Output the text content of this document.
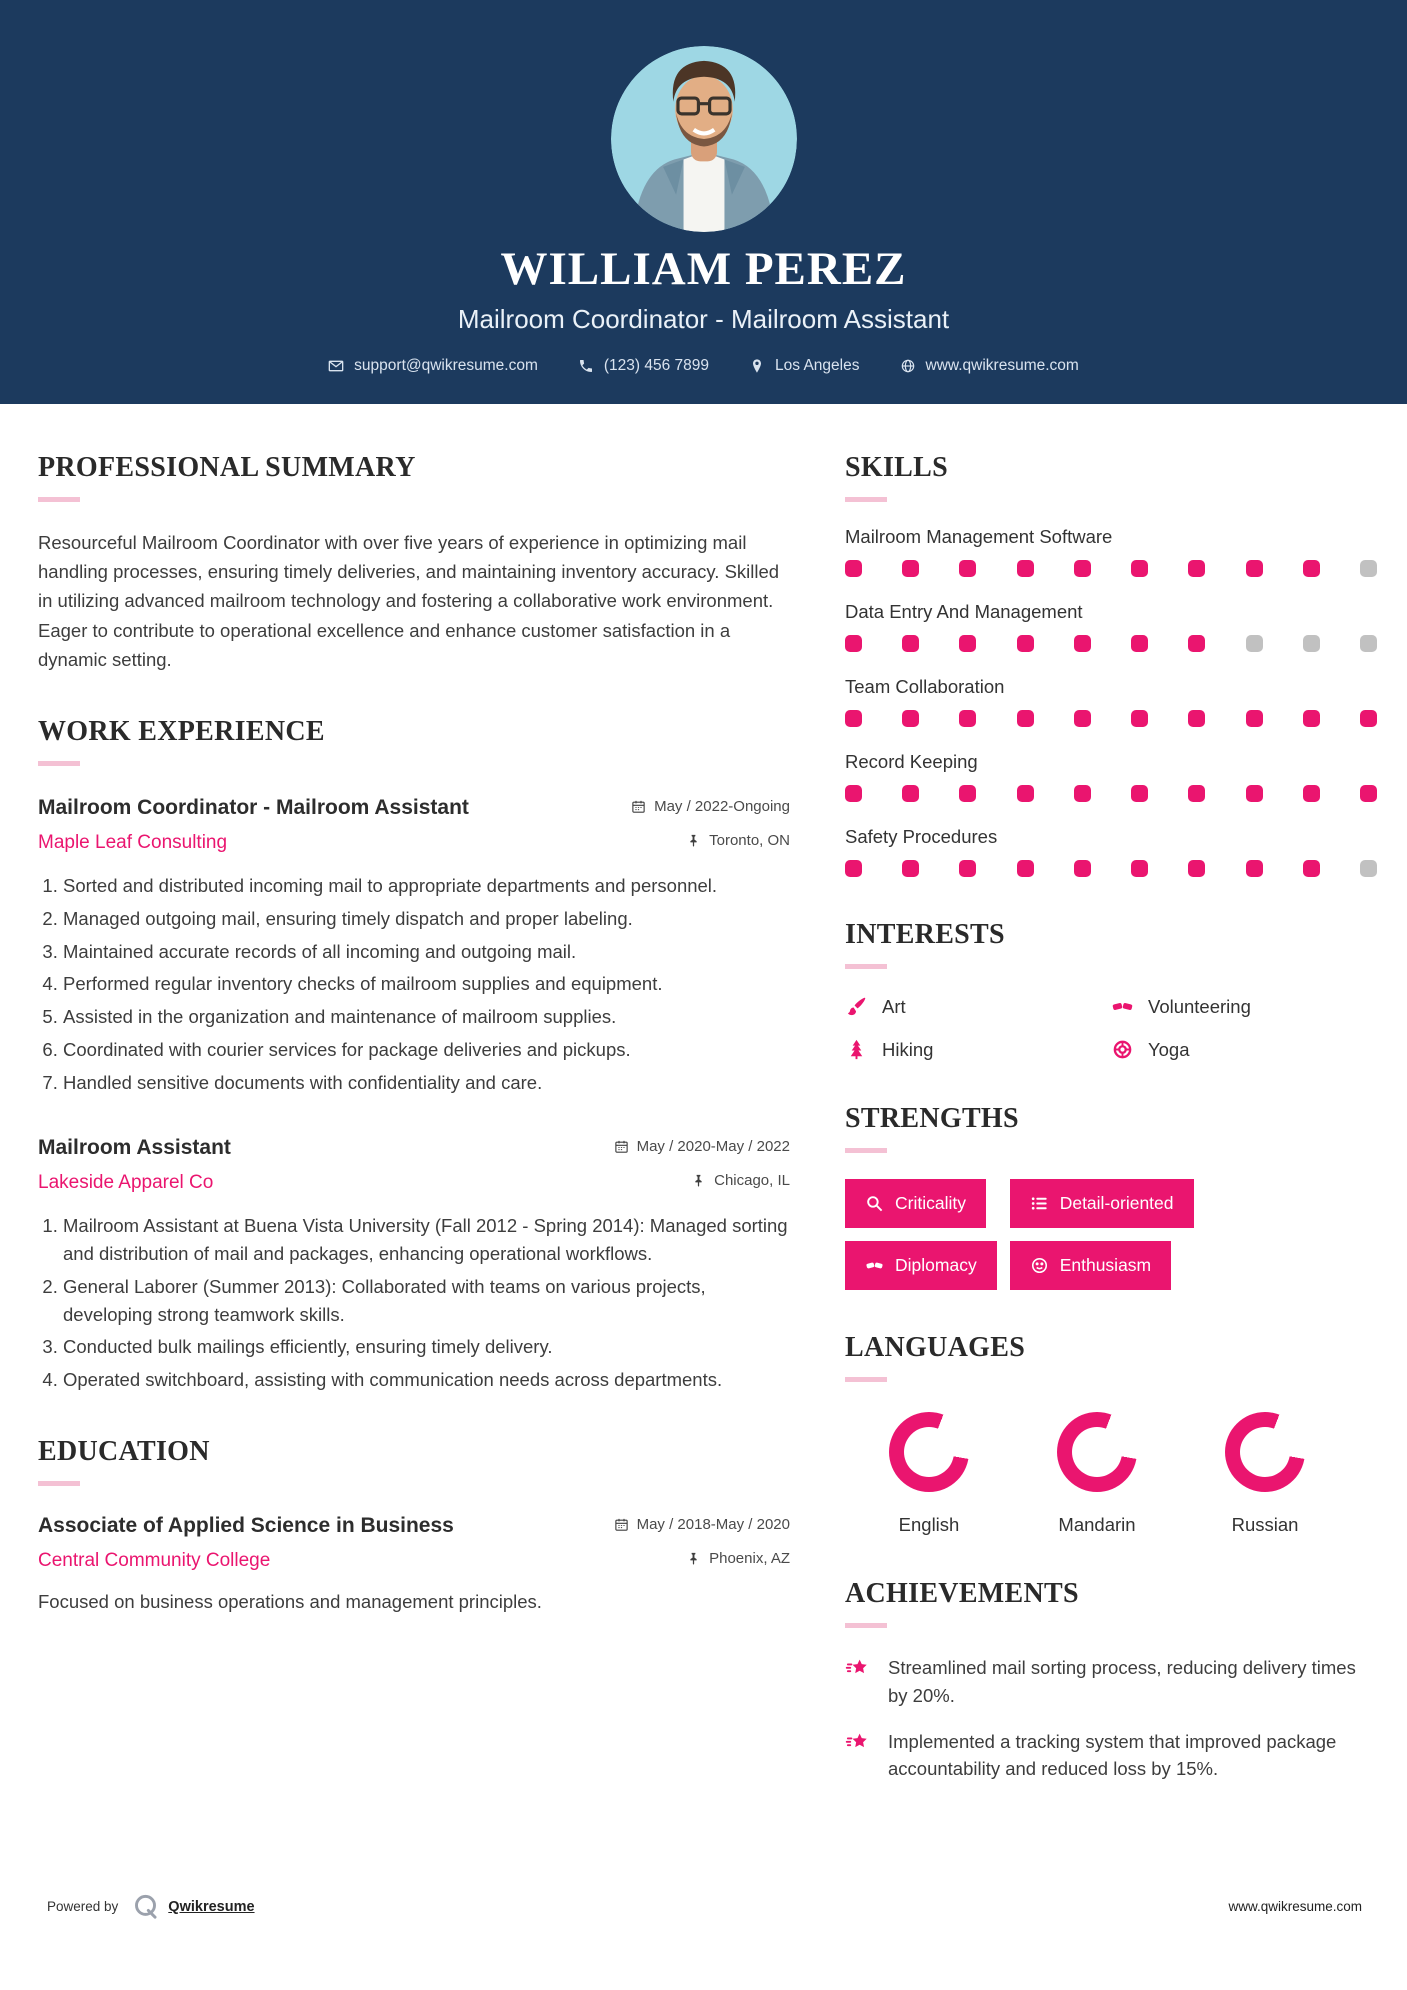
WILLIAM PEREZ
Mailroom Coordinator - Mailroom Assistant
support@qwikresume.com	(123) 456 7899	Los Angeles	www.qwikresume.com
PROFESSIONAL SUMMARY

Resourceful Mailroom Coordinator with over five years of experience in optimizing mail handling processes, ensuring timely deliveries, and maintaining inventory accuracy. Skilled in utilizing advanced mailroom technology and fostering a collaborative work environment. Eager to contribute to operational excellence and enhance customer satisfaction in a dynamic setting.

WORK EXPERIENCE
Mailroom Coordinator - Mailroom Assistant	May / 2022-Ongoing
Maple Leaf Consulting	Toronto, ON
1. Sorted and distributed incoming mail to appropriate departments and personnel.
2. Managed outgoing mail, ensuring timely dispatch and proper labeling.
3. Maintained accurate records of all incoming and outgoing mail.
4. Performed regular inventory checks of mailroom supplies and equipment.
5. Assisted in the organization and maintenance of mailroom supplies.
6. Coordinated with courier services for package deliveries and pickups.
7. Handled sensitive documents with confidentiality and care.
Mailroom Assistant	May / 2020-May / 2022
Lakeside Apparel Co	Chicago, IL
1. Mailroom Assistant at Buena Vista University (Fall 2012 - Spring 2014): Managed sorting and distribution of mail and packages, enhancing operational workflows.
2. General Laborer (Summer 2013): Collaborated with teams on various projects, developing strong teamwork skills.
3. Conducted bulk mailings efficiently, ensuring timely delivery.
4. Operated switchboard, assisting with communication needs across departments.
EDUCATION
Associate of Applied Science in Business	May / 2018-May / 2020
Central Community College	Phoenix, AZ

Focused on business operations and management principles.

SKILLS
Mailroom Management Software
Data Entry And Management
Team Collaboration
Record Keeping
Safety Procedures
INTERESTS
Art	Volunteering
Hiking	Yoga
STRENGTHS
Criticality	Detail-oriented
Diplomacy	Enthusiasm
LANGUAGES
English	Mandarin	Russian
ACHIEVEMENTS
Streamlined mail sorting process, reducing delivery times by 20%.
Implemented a tracking system that improved package accountability and reduced loss by 15%.
Powered by	Qwikresume	www.qwikresume.com
